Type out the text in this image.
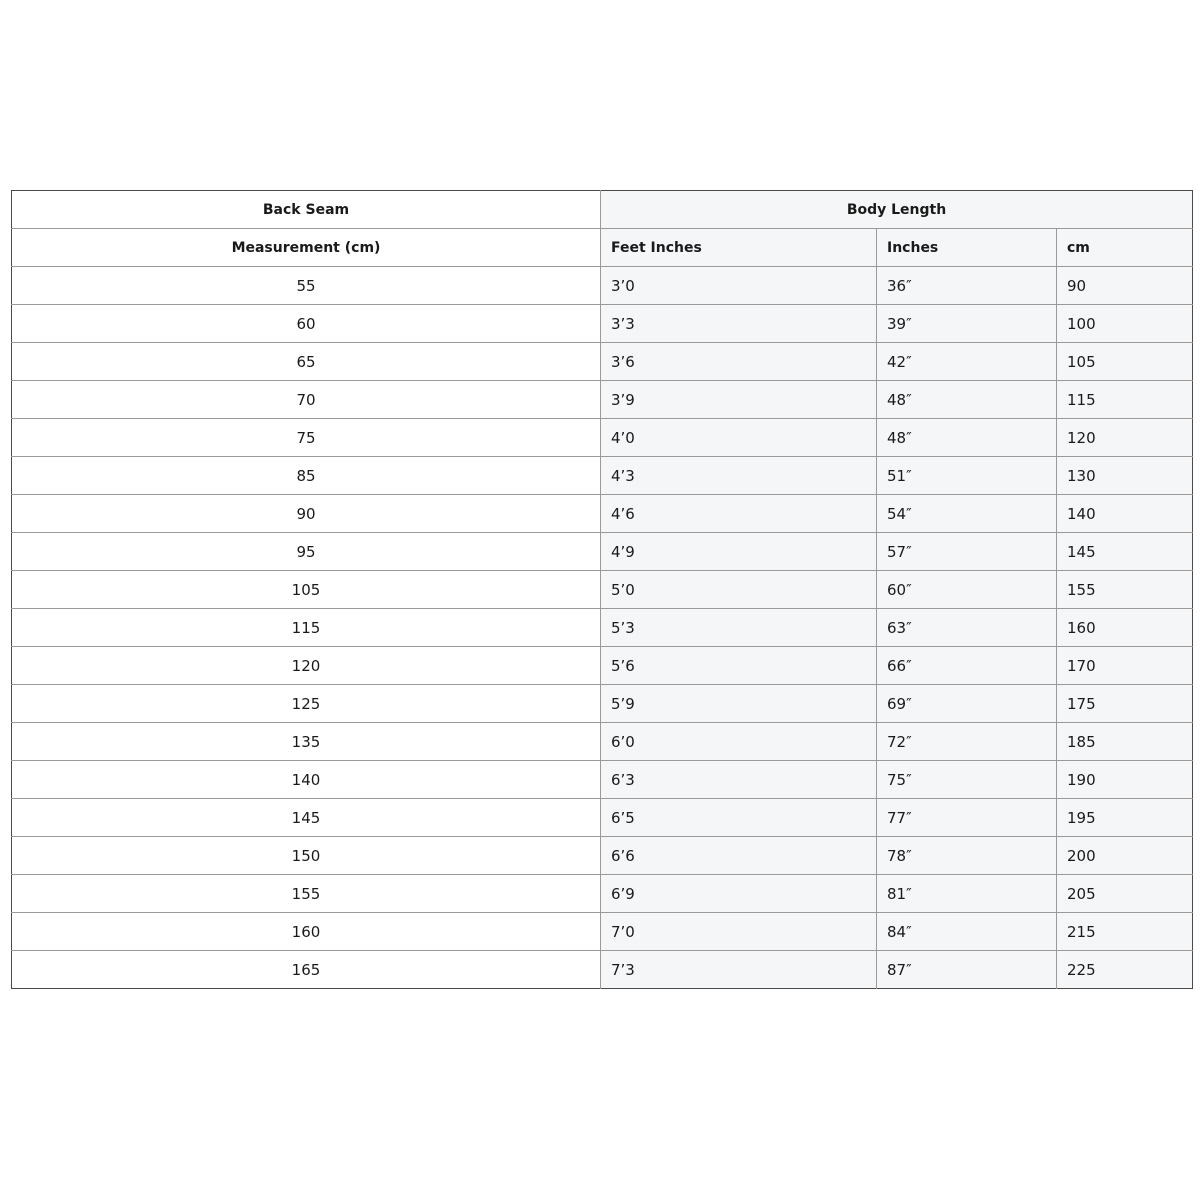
Back Seam	Body Length		
Measurement (cm)	Feet Inches	Inches	cm
55	3’0	36″	90
60	3’3	39″	100
65	3’6	42″	105
70	3’9	48″	115
75	4’0	48″	120
85	4’3	51″	130
90	4’6	54″	140
95	4’9	57″	145
105	5’0	60″	155
115	5’3	63″	160
120	5’6	66″	170
125	5’9	69″	175
135	6’0	72″	185
140	6’3	75″	190
145	6’5	77″	195
150	6’6	78″	200
155	6’9	81″	205
160	7’0	84″	215
165	7’3	87″	225
